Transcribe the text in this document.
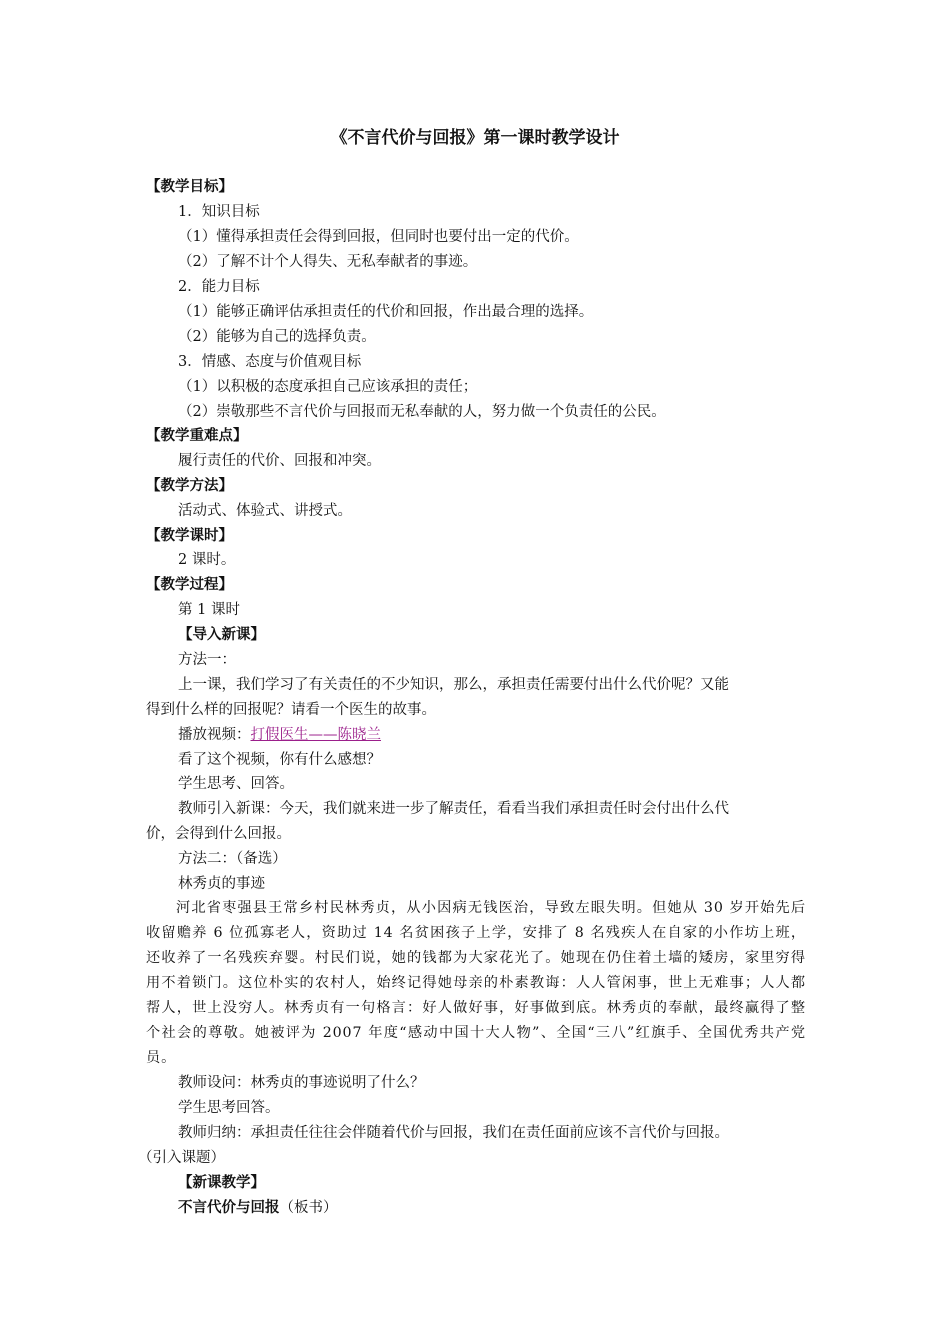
《不言代价与回报》第一课时教学设计
【教学目标】
1．知识目标
（1）懂得承担责任会得到回报，但同时也要付出一定的代价。
（2）了解不计个人得失、无私奉献者的事迹。
2．能力目标
（1）能够正确评估承担责任的代价和回报，作出最合理的选择。
（2）能够为自己的选择负责。
3．情感、态度与价值观目标
（1）以积极的态度承担自己应该承担的责任；
（2）崇敬那些不言代价与回报而无私奉献的人，努力做一个负责任的公民。
【教学重难点】
履行责任的代价、回报和冲突。
【教学方法】
活动式、体验式、讲授式。
【教学课时】
2 课时。
【教学过程】
第 1 课时
【导入新课】
方法一：
上一课，我们学习了有关责任的不少知识，那么，承担责任需要付出什么代价呢？又能
得到什么样的回报呢？请看一个医生的故事。
播放视频：打假医生——陈晓兰
看了这个视频，你有什么感想？
学生思考、回答。
教师引入新课：今天，我们就来进一步了解责任，看看当我们承担责任时会付出什么代
价，会得到什么回报。
方法二：（备选）
林秀贞的事迹

河北省枣强县王常乡村民林秀贞，从小因病无钱医治，导致左眼失明。但她从 30 岁开始先后收留赡养 6 位孤寡老人，资助过 14 名贫困孩子上学，安排了 8 名残疾人在自家的小作坊上班，还收养了一名残疾弃婴。村民们说，她的钱都为大家花光了。她现在仍住着土墙的矮房，家里穷得用不着锁门。这位朴实的农村人，始终记得她母亲的朴素教诲：人人管闲事，世上无难事；人人都帮人，世上没穷人。林秀贞有一句格言：好人做好事，好事做到底。林秀贞的奉献，最终赢得了整个社会的尊敬。她被评为 2007 年度“感动中国十大人物”、全国“三八”红旗手、全国优秀共产党员。

教师设问：林秀贞的事迹说明了什么？
学生思考回答。
教师归纳：承担责任往往会伴随着代价与回报，我们在责任面前应该不言代价与回报。
（引入课题）
【新课教学】
不言代价与回报（板书）
